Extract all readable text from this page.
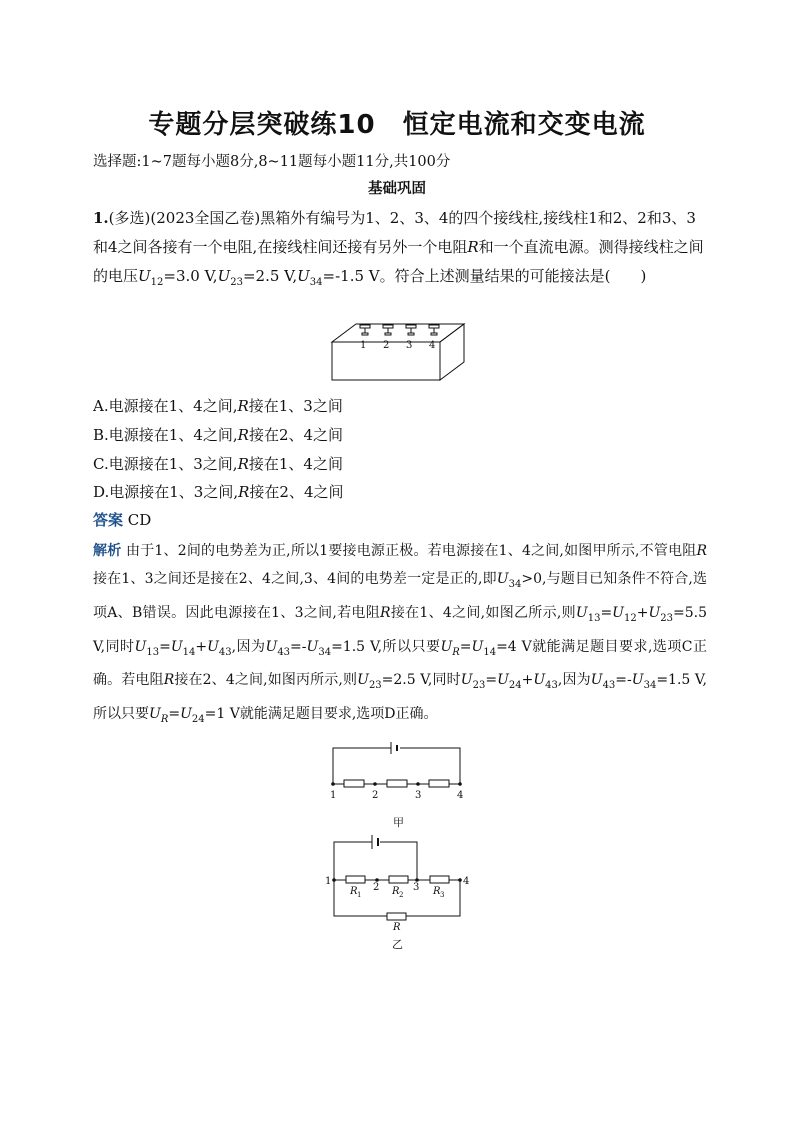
专题分层突破练10　恒定电流和交变电流
选择题:1~7题每小题8分,8~11题每小题11分,共100分
基础巩固
1.(多选)(2023全国乙卷)黑箱外有编号为1、2、3、4的四个接线柱,接线柱1和2、2和3、3和4之间各接有一个电阻,在接线柱间还接有另外一个电阻R和一个直流电源。测得接线柱之间的电压$U_{12}=3.0$ $V,U_{23}=2.5$ $V,U_{34}=-1.5$ V。符合上述测量结果的可能接法是(　　)
1 2 3 4
A.电源接在1、4之间,R接在1、3之间
B.电源接在1、4之间,R接在2、4之间
C.电源接在1、3之间,R接在1、4之间
D.电源接在1、3之间,R接在2、4之间
答案 CD
解析 由于1、2间的电势差为正,所以1要接电源正极。若电源接在1、4之间,如图甲所示,不管电阻R接在1、3之间还是接在2、4之间,3、4间的电势差一定是正的,即$U_{34}>0$,与题目已知条件不符合,选项A、B错误。因此电源接在1、3之间,若电阻R接在1、4之间,如图乙所示,则$U_{13}=U_{12}+U_{23}=5.5$ V,同时$U_{13}=U_{14}+U_{43}$,因为$U_{43}=-U_{34}=1.5$ V,所以只要$U_R=U_{14}=4$ V就能满足题目要求,选项C正确。若电阻R接在2、4之间,如图丙所示,则$U_{23}=2.5$ V,同时$U_{23}=U_{24}+U_{43}$,因为$U_{43}=-U_{34}=1.5$ V,所以只要$U_R=U_{24}=1$ V就能满足题目要求,选项D正确。
1	2	3	4
甲
1
2	3
4
R 1	R 2	R 3
R
乙
